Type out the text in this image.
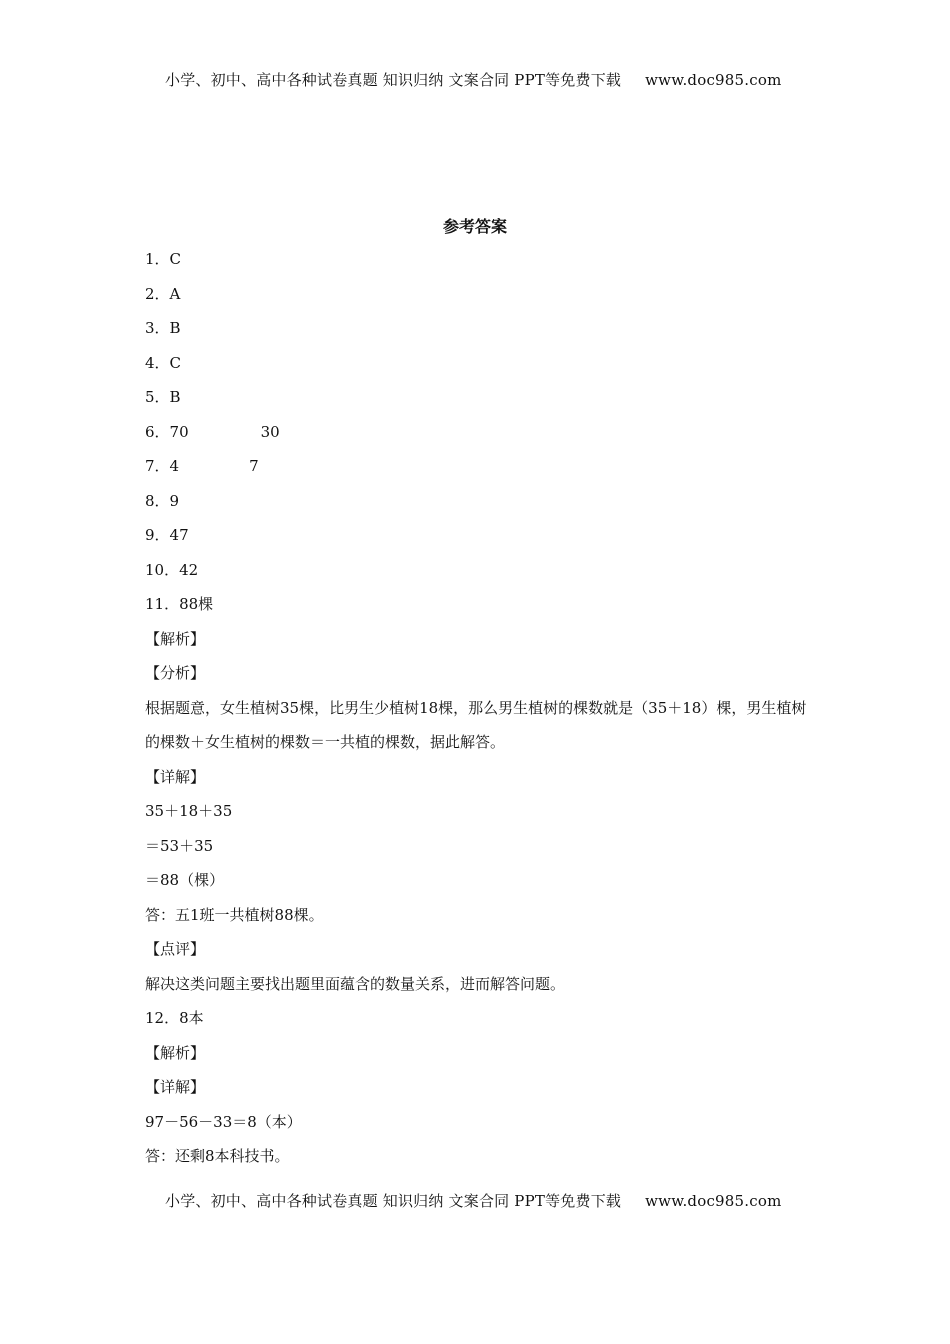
小学、初中、高中各种试卷真题 知识归纳 文案合同 PPT等免费下载 www.doc985.com
参考答案
1．C
2．A
3．B
4．C
5．B
6．70	30
7．4	7
8．9
9．47
10．42
11．88棵
【解析】
【分析】
根据题意，女生植树35棵，比男生少植树18棵，那么男生植树的棵数就是（35＋18）棵，男生植树的棵数＋女生植树的棵数＝一共植的棵数，据此解答。
【详解】
35＋18＋35
＝53＋35
＝88（棵）
答：五1班一共植树88棵。
【点评】
解决这类问题主要找出题里面蕴含的数量关系，进而解答问题。
12．8本
【解析】
【详解】
97－56－33＝8（本）
答：还剩8本科技书。
小学、初中、高中各种试卷真题 知识归纳 文案合同 PPT等免费下载 www.doc985.com
